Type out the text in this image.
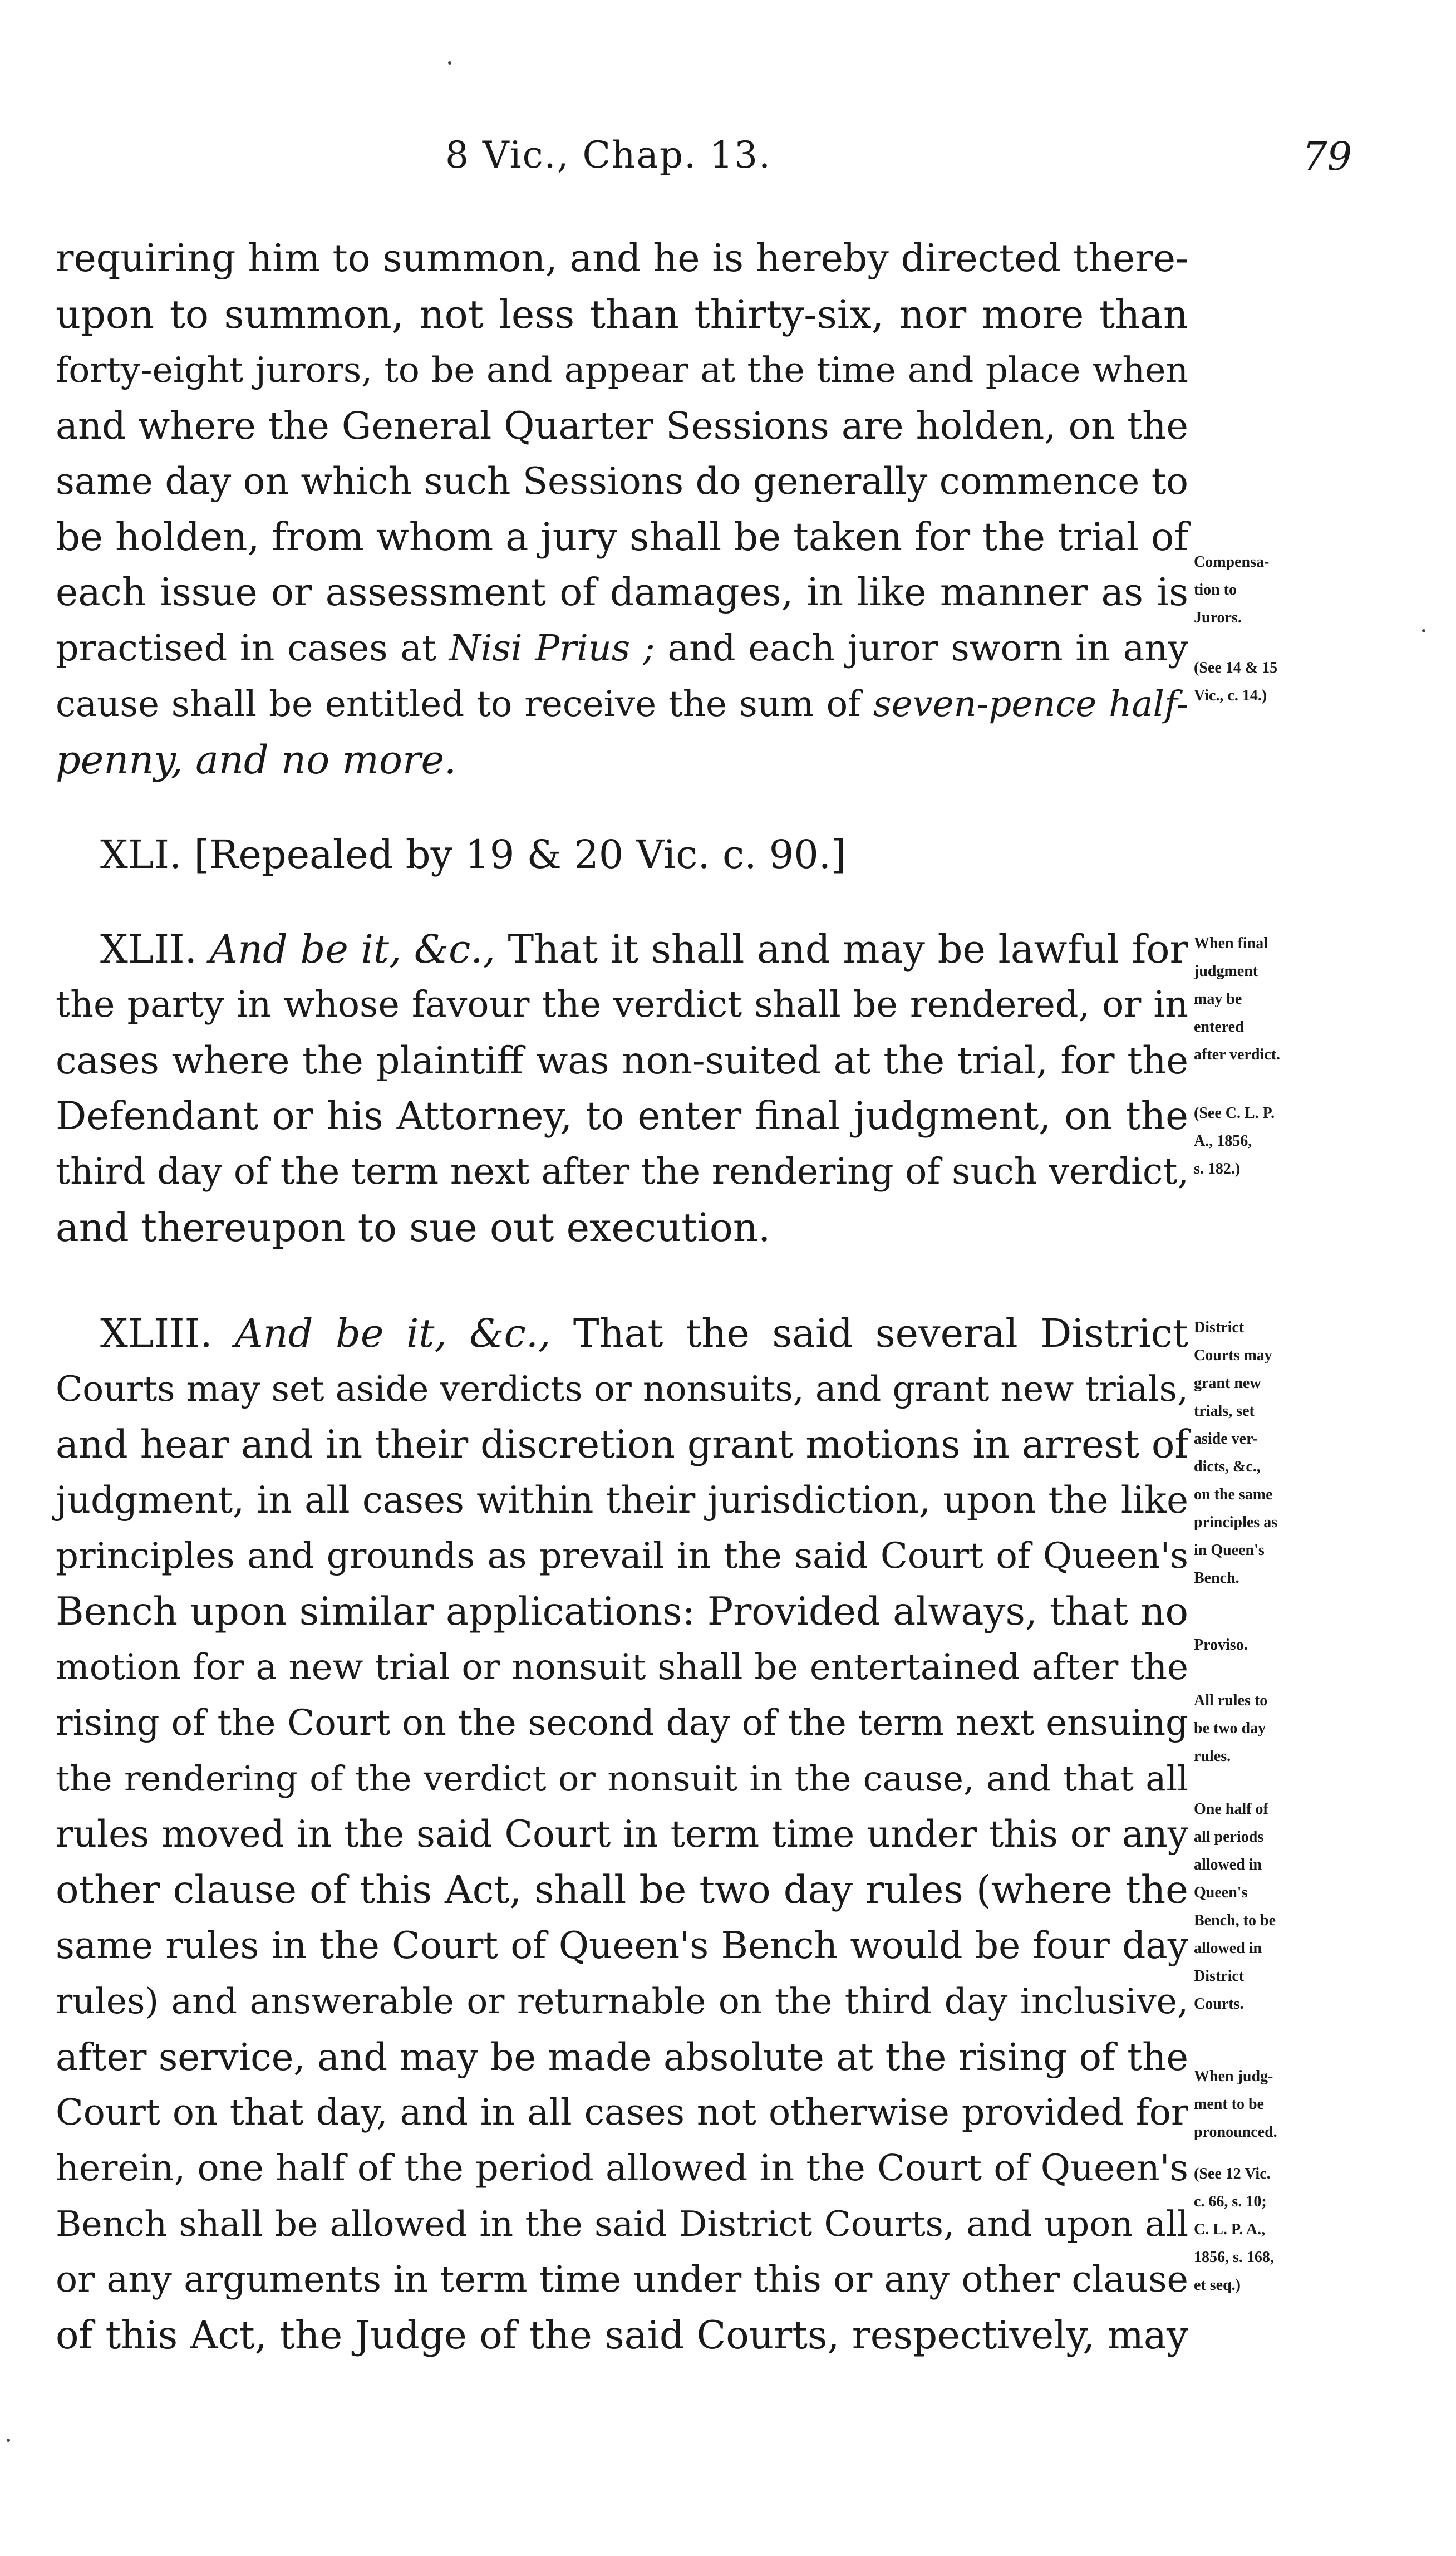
8 Vic., Chap. 13.	79
requiring him to summon, and he is hereby directed there-
upon to summon, not less than thirty-six, nor more than
forty-eight jurors, to be and appear at the time and place when
and where the General Quarter Sessions are holden, on the
same day on which such Sessions do generally commence to
be holden, from whom a jury shall be taken for the trial of
each issue or assessment of damages, in like manner as is
practised in cases at Nisi Prius ; and each juror sworn in any
cause shall be entitled to receive the sum of seven-pence half-
penny, and no more.
XLI. [Repealed by 19 & 20 Vic. c. 90.]
XLII. And be it, &c., That it shall and may be lawful for
the party in whose favour the verdict shall be rendered, or in
cases where the plaintiff was non-suited at the trial, for the
Defendant or his Attorney, to enter final judgment, on the
third day of the term next after the rendering of such verdict,
and thereupon to sue out execution.
XLIII. And be it, &c., That the said several District
Courts may set aside verdicts or nonsuits, and grant new trials,
and hear and in their discretion grant motions in arrest of
judgment, in all cases within their jurisdiction, upon the like
principles and grounds as prevail in the said Court of Queen's
Bench upon similar applications: Provided always, that no
motion for a new trial or nonsuit shall be entertained after the
rising of the Court on the second day of the term next ensuing
the rendering of the verdict or nonsuit in the cause, and that all
rules moved in the said Court in term time under this or any
other clause of this Act, shall be two day rules (where the
same rules in the Court of Queen's Bench would be four day
rules) and answerable or returnable on the third day inclusive,
after service, and may be made absolute at the rising of the
Court on that day, and in all cases not otherwise provided for
herein, one half of the period allowed in the Court of Queen's
Bench shall be allowed in the said District Courts, and upon all
or any arguments in term time under this or any other clause
of this Act, the Judge of the said Courts, respectively, may
Compensa-
tion to
Jurors.
(See 14 & 15
Vic., c. 14.)
When final
judgment
may be
entered
after verdict.
(See C. L. P.
A., 1856,
s. 182.)
District
Courts may
grant new
trials, set
aside ver-
dicts, &c.,
on the same
principles as
in Queen's
Bench.
Proviso.
All rules to
be two day
rules.
One half of
all periods
allowed in
Queen's
Bench, to be
allowed in
District
Courts.
When judg-
ment to be
pronounced.
(See 12 Vic.
c. 66, s. 10;
C. L. P. A.,
1856, s. 168,
et seq.)
